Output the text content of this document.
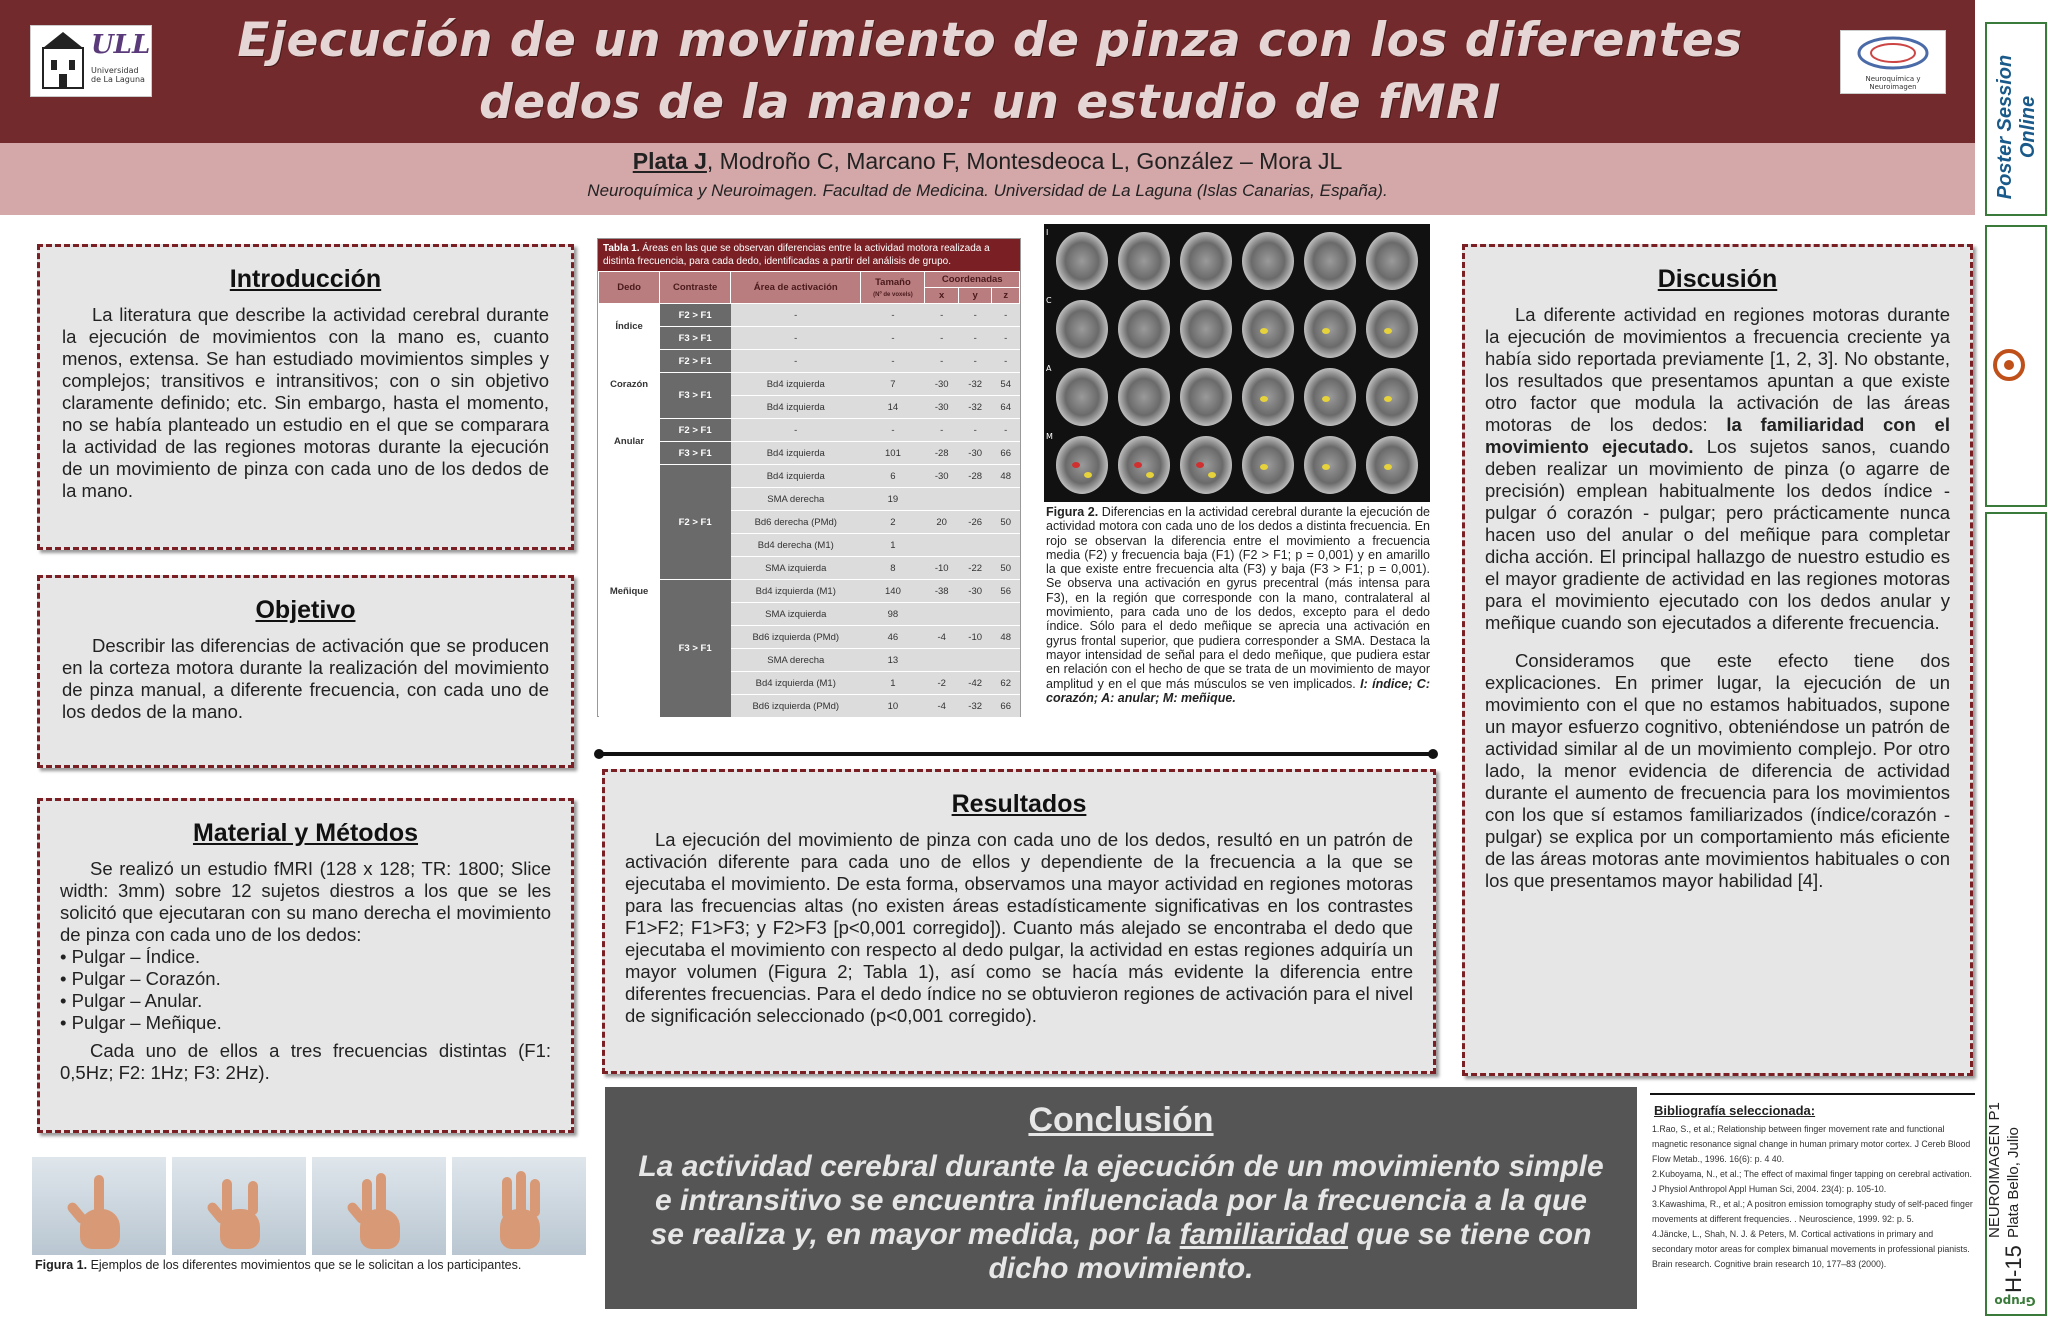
ULL
Universidad de La Laguna	Neuroquímica y Neuroimagen
Ejecución de un movimiento de pinza con los diferentes
dedos de la mano: un estudio de fMRI
Plata J, Modroño C, Marcano F, Montesdeoca L, González – Mora JL
Neuroquímica y Neuroimagen. Facultad de Medicina. Universidad de La Laguna (Islas Canarias, España).	Poster Session Online
NEUROIMAGEN P1 Plata Bello, Julio
H-15
Grupo
Introducción

La literatura que describe la actividad cerebral durante la ejecución de movimientos con la mano es, cuanto menos, extensa. Se han estudiado movimientos simples y complejos; transitivos e intransitivos; con o sin objetivo claramente definido; etc. Sin embargo, hasta el momento, no se había planteado un estudio en el que se comparara la actividad de las regiones motoras durante la ejecución de un movimiento de pinza con cada uno de los dedos de la mano.

Objetivo

Describir las diferencias de activación que se producen en la corteza motora durante la realización del movimiento de pinza manual, a diferente frecuencia, con cada uno de los dedos de la mano.

Material y Métodos

Se realizó un estudio fMRI (128 x 128; TR: 1800; Slice width: 3mm) sobre 12 sujetos diestros a los que se les solicitó que ejecutaran con su mano derecha el movimiento de pinza con cada uno de los dedos:

• Pulgar – Índice.
• Pulgar – Corazón.
• Pulgar – Anular.
• Pulgar – Meñique.

Cada uno de ellos a tres frecuencias distintas (F1: 0,5Hz; F2: 1Hz; F3: 2Hz).

Figura 1. Ejemplos de los diferentes movimientos que se le solicitan a los participantes.
Tabla 1. Áreas en las que se observan diferencias entre la actividad motora realizada a distinta frecuencia, para cada dedo, identificadas a partir del análisis de grupo.
Dedo	Contraste	Área de activación	Tamaño
(Nº de voxels)	Coordenadas		
				x	y	z
Índice	F2 > F1	-	-	-	-	-
	F3 > F1	-	-	-	-	-
Corazón	F2 > F1	-	-	-	-	-
	F3 > F1	Bd4 izquierda	7	-30	-32	54
		Bd4 izquierda	14	-30	-32	64
Anular	F2 > F1	-	-	-	-	-
	F3 > F1	Bd4 izquierda	101	-28	-30	66
Meñique	F2 > F1	Bd4 izquierda	6	-30	-28	48
		SMA derecha	19			
		Bd6 derecha (PMd)	2	20	-26	50
		Bd4 derecha (M1)	1			
		SMA izquierda	8	-10	-22	50
	F3 > F1	Bd4 izquierda (M1)	140	-38	-30	56
		SMA izquierda	98			
		Bd6 izquierda (PMd)	46	-4	-10	48
		SMA derecha	13			
		Bd4 izquierda (M1)	1	-2	-42	62
		Bd6 izquierda (PMd)	10	-4	-32	66
I
C
A
M
Figura 2. Diferencias en la actividad cerebral durante la ejecución de actividad motora con cada uno de los dedos a distinta frecuencia. En rojo se observan la diferencia entre el movimiento a frecuencia media (F2) y frecuencia baja (F1) (F2 > F1; p = 0,001) y en amarillo la que existe entre frecuencia alta (F3) y baja (F3 > F1; p = 0,001). Se observa una activación en gyrus precentral (más intensa para F3), en la región que corresponde con la mano, contralateral al movimiento, para cada uno de los dedos, excepto para el dedo índice. Sólo para el dedo meñique se aprecia una activación en gyrus frontal superior, que pudiera corresponder a SMA. Destaca la mayor intensidad de señal para el dedo meñique, que pudiera estar en relación con el hecho de que se trata de un movimiento de mayor amplitud y en el que más músculos se ven implicados. I: índice; C: corazón; A: anular; M: meñique.
Resultados

La ejecución del movimiento de pinza con cada uno de los dedos, resultó en un patrón de activación diferente para cada uno de ellos y dependiente de la frecuencia a la que se ejecutaba el movimiento. De esta forma, observamos una mayor actividad en regiones motoras para las frecuencias altas (no existen áreas estadísticamente significativas en los contrastes F1>F2; F1>F3; y F2>F3 [p<0,001 corregido]). Cuanto más alejado se encontraba el dedo que ejecutaba el movimiento con respecto al dedo pulgar, la actividad en estas regiones adquiría un mayor volumen (Figura 2; Tabla 1), así como se hacía más evidente la diferencia entre diferentes frecuencias. Para el dedo índice no se obtuvieron regiones de activación para el nivel de significación seleccionado (p<0,001 corregido).

Discusión

La diferente actividad en regiones motoras durante la ejecución de movimientos a frecuencia creciente ya había sido reportada previamente [1, 2, 3]. No obstante, los resultados que presentamos apuntan a que existe otro factor que modula la activación de las áreas motoras de los dedos: la familiaridad con el movimiento ejecutado. Los sujetos sanos, cuando deben realizar un movimiento de pinza (o agarre de precisión) emplean habitualmente los dedos índice - pulgar ó corazón - pulgar; pero prácticamente nunca hacen uso del anular o del meñique para completar dicha acción. El principal hallazgo de nuestro estudio es el mayor gradiente de actividad en las regiones motoras para el movimiento ejecutado con los dedos anular y meñique cuando son ejecutados a diferente frecuencia.

Consideramos que este efecto tiene dos explicaciones. En primer lugar, la ejecución de un movimiento con el que no estamos habituados, supone un mayor esfuerzo cognitivo, obteniéndose un patrón de actividad similar al de un movimiento complejo. Por otro lado, la menor evidencia de diferencia de actividad durante el aumento de frecuencia para los movimientos con los que sí estamos familiarizados (índice/corazón - pulgar) se explica por un comportamiento más eficiente de las áreas motoras ante movimientos habituales o con los que presentamos mayor habilidad [4].

Conclusión

La actividad cerebral durante la ejecución de un movimiento simple e intransitivo se encuentra influenciada por la frecuencia a la que se realiza y, en mayor medida, por la familiaridad que se tiene con dicho movimiento.

Bibliografía seleccionada:
1.Rao, S., et al.; Relationship between finger movement rate and functional magnetic resonance signal change in human primary motor cortex. J Cereb Blood Flow Metab., 1996. 16(6): p. 4 40.
2.Kuboyama, N., et al.; The effect of maximal finger tapping on cerebral activation. J Physiol Anthropol Appl Human Sci, 2004. 23(4): p. 105-10.
3.Kawashima, R., et al.; A positron emission tomography study of self-paced finger movements at different frequencies. . Neuroscience, 1999. 92: p. 5.
4.Jäncke, L., Shah, N. J. & Peters, M. Cortical activations in primary and secondary motor areas for complex bimanual movements in professional pianists. Brain research. Cognitive brain research 10, 177–83 (2000).
